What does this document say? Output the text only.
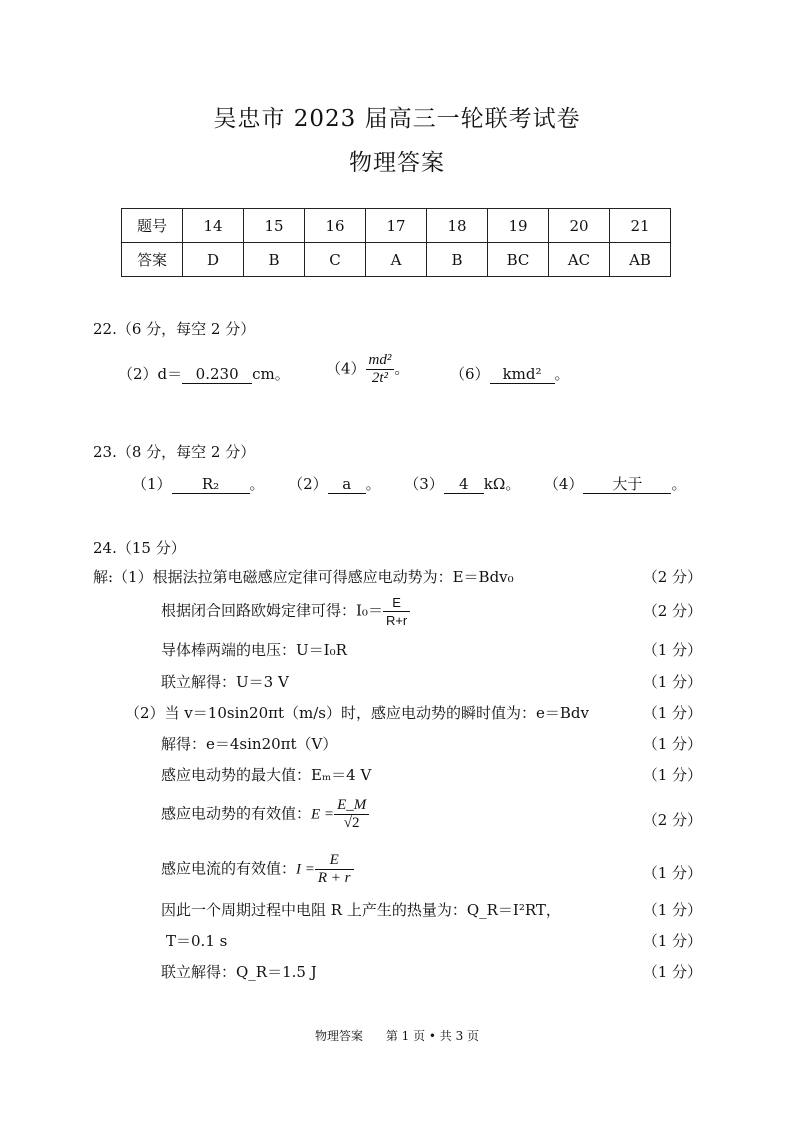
吴忠市 2023 届高三一轮联考试卷
物理答案
题号	14	15	16	17	18	19	20	21
答案	D	B	C	A	B	BC	AC	AB
22.（6 分，每空 2 分）
（2）d＝ 0.230 cm。 $(4) \frac{\text{md²}}{\text{2t²}}$ 。	（6） kmd² 。
23.（8 分，每空 2 分）
（1） R₂ 。 （2） a 。 （3） 4 kΩ。 （4） 大于 。
24.（15 分）
解:（1）根据法拉第电磁感应定律可得感应电动势为：E＝Bdv₀	（2 分）
根据闭合回路欧姆定律可得：$I_0= \frac{E}{R+r}$	（2 分）
导体棒两端的电压：U＝I₀R	（1 分）
联立解得：U＝3 V	（1 分）
（2）当 v＝10sin20πt（m/s）时，感应电动势的瞬时值为：e＝Bdv	（1 分）
解得：e＝4sin20πt（V）	（1 分）
感应电动势的最大值：Eₘ＝4 V	（1 分）
感应电动势的有效值：$E = \frac{E\_M}{√2}$	（2 分）
感应电流的有效值：$I = \frac{E}{R + r}$	（1 分）
因此一个周期过程中电阻 R 上产生的热量为：Q_R＝I²RT，	（1 分）
T＝0.1 s	（1 分）
联立解得：Q_R＝1.5 J	（1 分）
物理答案      第 1 页 • 共 3 页
